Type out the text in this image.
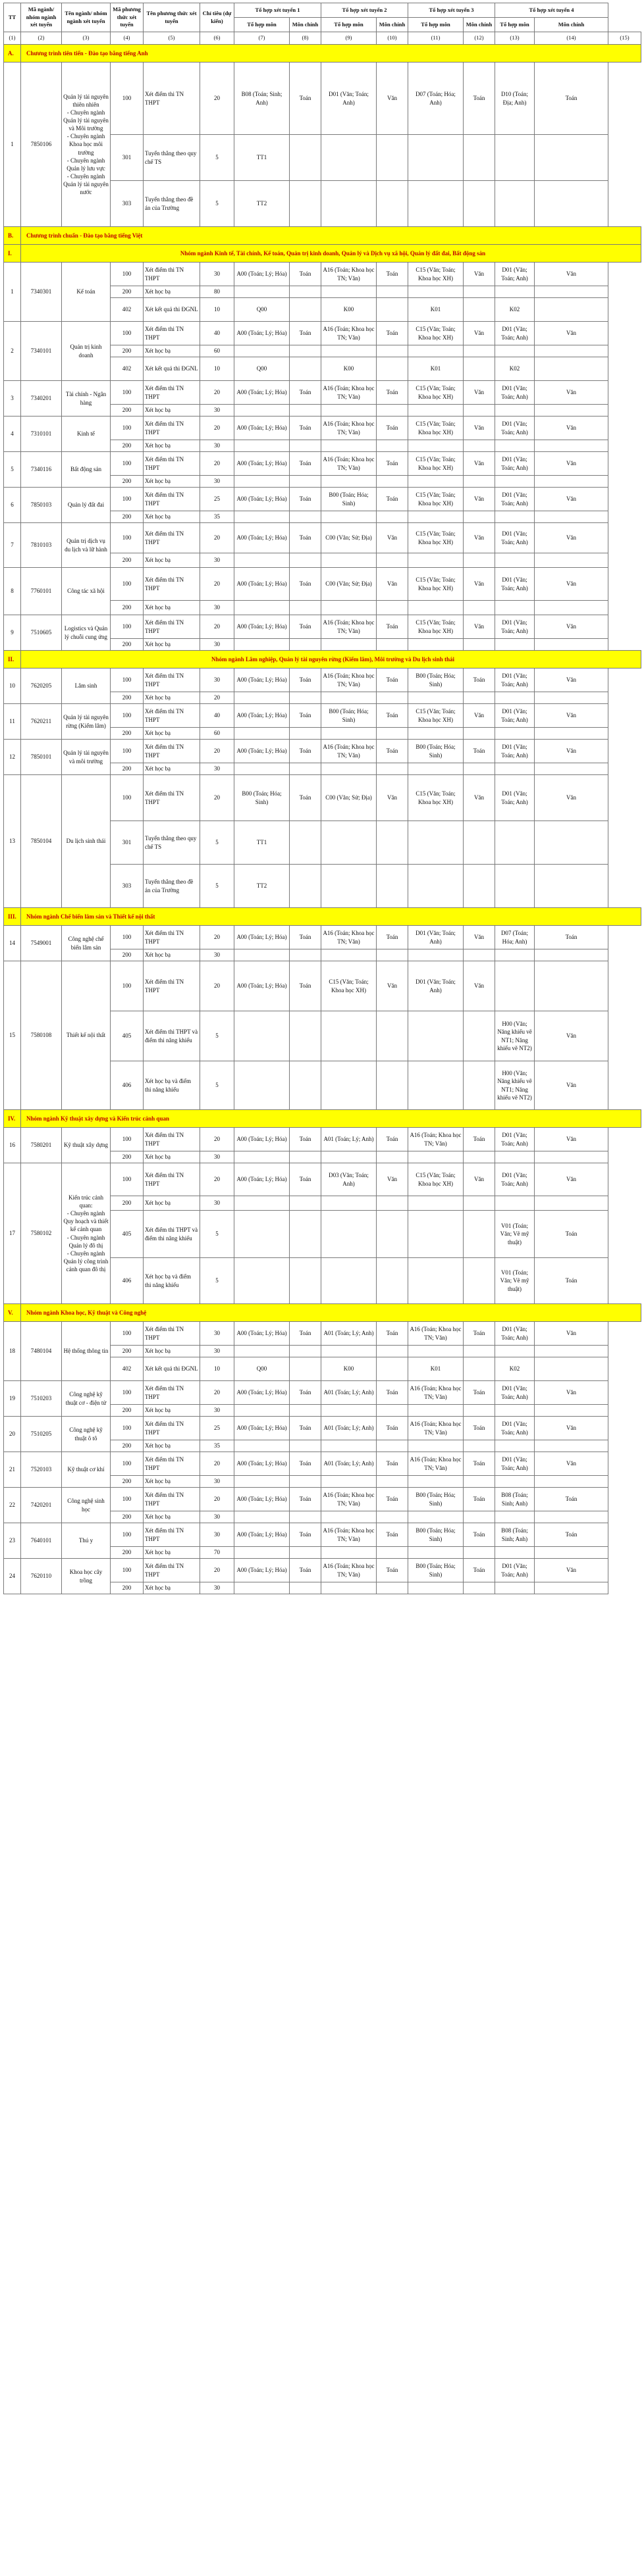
TT	Mã ngành/ nhóm ngành xét tuyển	Tên ngành/ nhóm ngành xét tuyển	Mã phương thức xét tuyển	Tên phương thức xét tuyển	Chỉ tiêu (dự kiến)	Tổ hợp xét tuyển 1		Tổ hợp xét tuyển 2		Tổ hợp xét tuyển 3		Tổ hợp xét tuyển 4		
						Tổ hợp môn	Môn chính	Tổ hợp môn	Môn chính	Tổ hợp môn	Môn chính	Tổ hợp môn	Môn chính	
(1)	(2)	(3)	(4)	(5)	(6)	(7)	(8)	(9)	(10)	(11)	(12)	(13)	(14)	(15)
A.	Chương trình tiên tiến - Đào tạo bằng tiếng Anh													
1	7850106	Quản lý tài nguyên thiên nhiên
- Chuyên ngành Quản lý tài nguyên và Môi trường
- Chuyên ngành Khoa học môi trường
- Chuyên ngành Quản lý lưu vực
- Chuyên ngành Quản lý tài nguyên nước	100	Xét điểm thi TN THPT	20	B08 (Toán; Sinh; Anh)	Toán	D01 (Văn; Toán; Anh)	Văn	D07 (Toán; Hóa; Anh)	Toán	D10 (Toán; Địa; Anh)	Toán	
			301	Tuyển thẳng theo quy chế TS	5	TT1								
			303	Tuyển thẳng theo đề án của Trường	5	TT2								
B.	Chương trình chuẩn - Đào tạo bằng tiếng Việt													
I.	Nhóm ngành Kinh tế, Tài chính, Kế toán, Quản trị kinh doanh, Quản lý và Dịch vụ xã hội, Quản lý đất đai, Bất động sản													
1	7340301	Kế toán	100	Xét điểm thi TN THPT	30	A00 (Toán; Lý; Hóa)	Toán	A16 (Toán; Khoa học TN; Văn)	Toán	C15 (Văn; Toán; Khoa học XH)	Văn	D01 (Văn; Toán; Anh)	Văn	
			200	Xét học bạ	80									
			402	Xét kết quả thi ĐGNL	10	Q00		K00		K01		K02		
2	7340101	Quản trị kinh doanh	100	Xét điểm thi TN THPT	40	A00 (Toán; Lý; Hóa)	Toán	A16 (Toán; Khoa học TN; Văn)	Toán	C15 (Văn; Toán; Khoa học XH)	Văn	D01 (Văn; Toán; Anh)	Văn	
			200	Xét học bạ	60									
			402	Xét kết quả thi ĐGNL	10	Q00		K00		K01		K02		
3	7340201	Tài chính - Ngân hàng	100	Xét điểm thi TN THPT	20	A00 (Toán; Lý; Hóa)	Toán	A16 (Toán; Khoa học TN; Văn)	Toán	C15 (Văn; Toán; Khoa học XH)	Văn	D01 (Văn; Toán; Anh)	Văn	
			200	Xét học bạ	30									
4	7310101	Kinh tế	100	Xét điểm thi TN THPT	20	A00 (Toán; Lý; Hóa)	Toán	A16 (Toán; Khoa học TN; Văn)	Toán	C15 (Văn; Toán; Khoa học XH)	Văn	D01 (Văn; Toán; Anh)	Văn	
			200	Xét học bạ	30									
5	7340116	Bất động sản	100	Xét điểm thi TN THPT	20	A00 (Toán; Lý; Hóa)	Toán	A16 (Toán; Khoa học TN; Văn)	Toán	C15 (Văn; Toán; Khoa học XH)	Văn	D01 (Văn; Toán; Anh)	Văn	
			200	Xét học bạ	30									
6	7850103	Quản lý đất đai	100	Xét điểm thi TN THPT	25	A00 (Toán; Lý; Hóa)	Toán	B00 (Toán; Hóa; Sinh)	Toán	C15 (Văn; Toán; Khoa học XH)	Văn	D01 (Văn; Toán; Anh)	Văn	
			200	Xét học bạ	35									
7	7810103	Quản trị dịch vụ du lịch và lữ hành	100	Xét điểm thi TN THPT	20	A00 (Toán; Lý; Hóa)	Toán	C00 (Văn; Sử; Địa)	Văn	C15 (Văn; Toán; Khoa học XH)	Văn	D01 (Văn; Toán; Anh)	Văn	
			200	Xét học bạ	30									
8	7760101	Công tác xã hội	100	Xét điểm thi TN THPT	20	A00 (Toán; Lý; Hóa)	Toán	C00 (Văn; Sử; Địa)	Văn	C15 (Văn; Toán; Khoa học XH)	Văn	D01 (Văn; Toán; Anh)	Văn	
			200	Xét học bạ	30									
9	7510605	Logistics và Quản lý chuỗi cung ứng	100	Xét điểm thi TN THPT	20	A00 (Toán; Lý; Hóa)	Toán	A16 (Toán; Khoa học TN; Văn)	Toán	C15 (Văn; Toán; Khoa học XH)	Văn	D01 (Văn; Toán; Anh)	Văn	
			200	Xét học bạ	30									
II.	Nhóm ngành Lâm nghiệp, Quản lý tài nguyên rừng (Kiểm lâm), Môi trường và Du lịch sinh thái													
10	7620205	Lâm sinh	100	Xét điểm thi TN THPT	30	A00 (Toán; Lý; Hóa)	Toán	A16 (Toán; Khoa học TN; Văn)	Toán	B00 (Toán; Hóa; Sinh)	Toán	D01 (Văn; Toán; Anh)	Văn	
			200	Xét học bạ	20									
11	7620211	Quản lý tài nguyên rừng (Kiểm lâm)	100	Xét điểm thi TN THPT	40	A00 (Toán; Lý; Hóa)	Toán	B00 (Toán; Hóa; Sinh)	Toán	C15 (Văn; Toán; Khoa học XH)	Văn	D01 (Văn; Toán; Anh)	Văn	
			200	Xét học bạ	60									
12	7850101	Quản lý tài nguyên và môi trường	100	Xét điểm thi TN THPT	20	A00 (Toán; Lý; Hóa)	Toán	A16 (Toán; Khoa học TN; Văn)	Toán	B00 (Toán; Hóa; Sinh)	Toán	D01 (Văn; Toán; Anh)	Văn	
			200	Xét học bạ	30									
13	7850104	Du lịch sinh thái	100	Xét điểm thi TN THPT	20	B00 (Toán; Hóa; Sinh)	Toán	C00 (Văn; Sử; Địa)	Văn	C15 (Văn; Toán; Khoa học XH)	Văn	D01 (Văn; Toán; Anh)	Văn	
			301	Tuyển thẳng theo quy chế TS	5	TT1								
			303	Tuyển thẳng theo đề án của Trường	5	TT2								
III.	Nhóm ngành Chế biến lâm sản và Thiết kế nội thất													
14	7549001	Công nghệ chế biến lâm sản	100	Xét điểm thi TN THPT	20	A00 (Toán; Lý; Hóa)	Toán	A16 (Toán; Khoa học TN; Văn)	Toán	D01 (Văn; Toán; Anh)	Văn	D07 (Toán; Hóa; Anh)	Toán	
			200	Xét học bạ	30									
15	7580108	Thiết kế nội thất	100	Xét điểm thi TN THPT	20	A00 (Toán; Lý; Hóa)	Toán	C15 (Văn; Toán; Khoa học XH)	Văn	D01 (Văn; Toán; Anh)	Văn			
			405	Xét điểm thi THPT và điểm thi năng khiếu	5							H00 (Văn; Năng khiếu vẽ NT1; Năng khiếu vẽ NT2)	Văn	
			406	Xét học bạ và điểm thi năng khiếu	5							H00 (Văn; Năng khiếu vẽ NT1; Năng khiếu vẽ NT2)	Văn	
IV.	Nhóm ngành Kỹ thuật xây dựng và Kiến trúc cảnh quan													
16	7580201	Kỹ thuật xây dựng	100	Xét điểm thi TN THPT	20	A00 (Toán; Lý; Hóa)	Toán	A01 (Toán; Lý; Anh)	Toán	A16 (Toán; Khoa học TN; Văn)	Toán	D01 (Văn; Toán; Anh)	Văn	
			200	Xét học bạ	30									
17	7580102	Kiến trúc cảnh quan:
- Chuyên ngành Quy hoạch và thiết kế cảnh quan
- Chuyên ngành Quản lý đô thị
- Chuyên ngành Quản lý công trình cảnh quan đô thị	100	Xét điểm thi TN THPT	20	A00 (Toán; Lý; Hóa)	Toán	D03 (Văn; Toán; Anh)	Văn	C15 (Văn; Toán; Khoa học XH)	Văn	D01 (Văn; Toán; Anh)	Văn	
			200	Xét học bạ	30									
			405	Xét điểm thi THPT và điểm thi năng khiếu	5							V01 (Toán; Văn; Vẽ mỹ thuật)	Toán	
			406	Xét học bạ và điểm thi năng khiếu	5							V01 (Toán; Văn; Vẽ mỹ thuật)	Toán	
V.	Nhóm ngành Khoa học, Kỹ thuật và Công nghệ													
18	7480104	Hệ thống thông tin	100	Xét điểm thi TN THPT	30	A00 (Toán; Lý; Hóa)	Toán	A01 (Toán; Lý; Anh)	Toán	A16 (Toán; Khoa học TN; Văn)	Toán	D01 (Văn; Toán; Anh)	Văn	
			200	Xét học bạ	30									
			402	Xét kết quả thi ĐGNL	10	Q00		K00		K01		K02		
19	7510203	Công nghệ kỹ thuật cơ - điện tử	100	Xét điểm thi TN THPT	20	A00 (Toán; Lý; Hóa)	Toán	A01 (Toán; Lý; Anh)	Toán	A16 (Toán; Khoa học TN; Văn)	Toán	D01 (Văn; Toán; Anh)	Văn	
			200	Xét học bạ	30									
20	7510205	Công nghệ kỹ thuật ô tô	100	Xét điểm thi TN THPT	25	A00 (Toán; Lý; Hóa)	Toán	A01 (Toán; Lý; Anh)	Toán	A16 (Toán; Khoa học TN; Văn)	Toán	D01 (Văn; Toán; Anh)	Văn	
			200	Xét học bạ	35									
21	7520103	Kỹ thuật cơ khí	100	Xét điểm thi TN THPT	20	A00 (Toán; Lý; Hóa)	Toán	A01 (Toán; Lý; Anh)	Toán	A16 (Toán; Khoa học TN; Văn)	Toán	D01 (Văn; Toán; Anh)	Văn	
			200	Xét học bạ	30									
22	7420201	Công nghệ sinh học	100	Xét điểm thi TN THPT	20	A00 (Toán; Lý; Hóa)	Toán	A16 (Toán; Khoa học TN; Văn)	Toán	B00 (Toán; Hóa; Sinh)	Toán	B08 (Toán; Sinh; Anh)	Toán	
			200	Xét học bạ	30									
23	7640101	Thú y	100	Xét điểm thi TN THPT	30	A00 (Toán; Lý; Hóa)	Toán	A16 (Toán; Khoa học TN; Văn)	Toán	B00 (Toán; Hóa; Sinh)	Toán	B08 (Toán; Sinh; Anh)	Toán	
			200	Xét học bạ	70									
24	7620110	Khoa học cây trồng	100	Xét điểm thi TN THPT	20	A00 (Toán; Lý; Hóa)	Toán	A16 (Toán; Khoa học TN; Văn)	Toán	B00 (Toán; Hóa; Sinh)	Toán	D01 (Văn; Toán; Anh)	Văn	
			200	Xét học bạ	30									
